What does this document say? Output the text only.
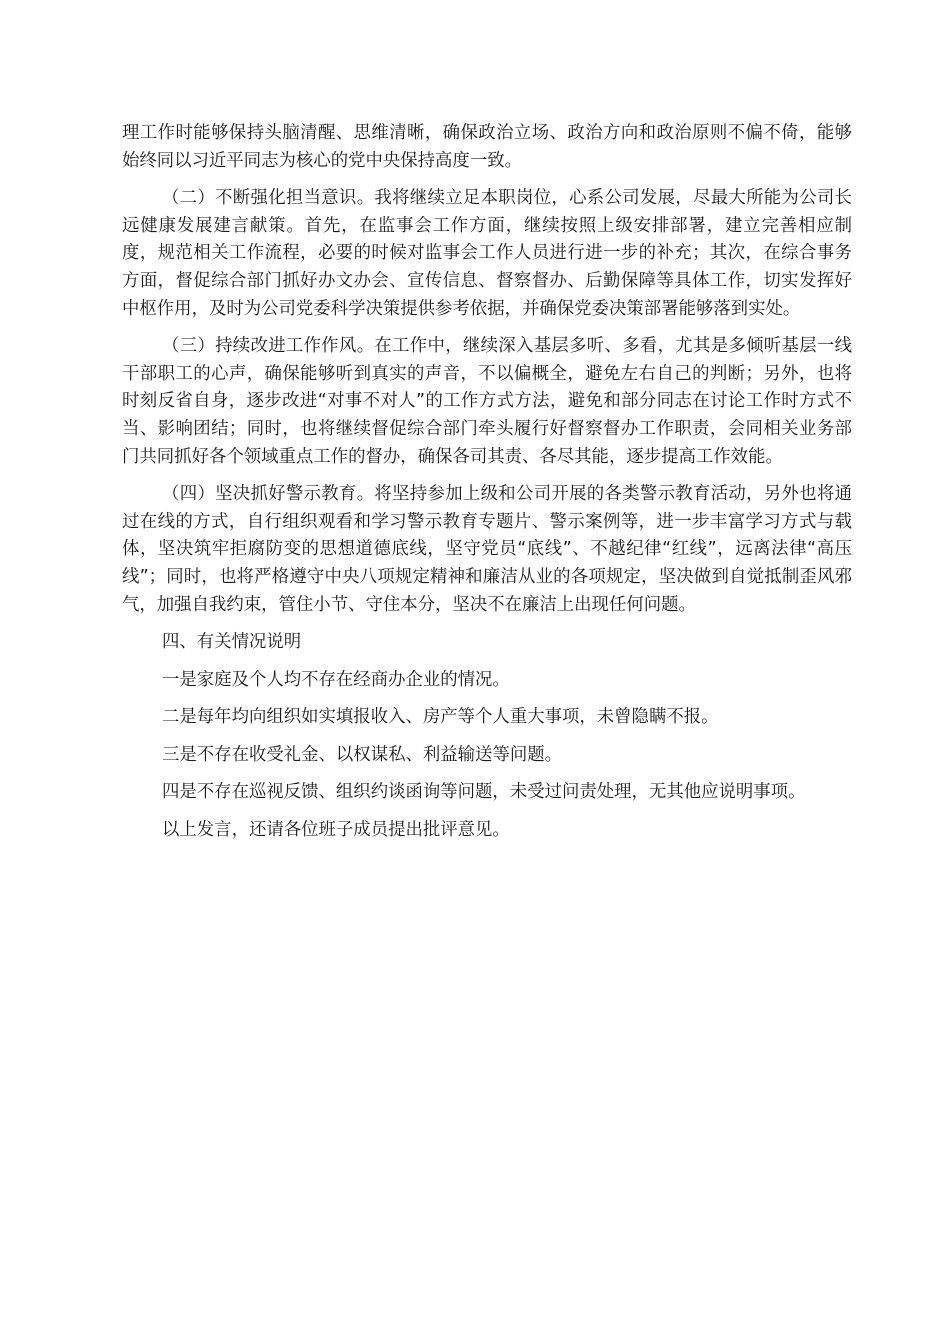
理工作时能够保持头脑清醒、思维清晰，确保政治立场、政治方向和政治原则不偏不倚，能够始终同以习近平同志为核心的党中央保持高度一致。

（二）不断强化担当意识。我将继续立足本职岗位，心系公司发展，尽最大所能为公司长远健康发展建言献策。首先，在监事会工作方面，继续按照上级安排部署，建立完善相应制度，规范相关工作流程，必要的时候对监事会工作人员进行进一步的补充；其次，在综合事务方面，督促综合部门抓好办文办会、宣传信息、督察督办、后勤保障等具体工作，切实发挥好中枢作用，及时为公司党委科学决策提供参考依据，并确保党委决策部署能够落到实处。

（三）持续改进工作作风。在工作中，继续深入基层多听、多看，尤其是多倾听基层一线干部职工的心声，确保能够听到真实的声音，不以偏概全，避免左右自己的判断；另外，也将时刻反省自身，逐步改进“对事不对人”的工作方式方法，避免和部分同志在讨论工作时方式不当、影响团结；同时，也将继续督促综合部门牵头履行好督察督办工作职责，会同相关业务部门共同抓好各个领域重点工作的督办，确保各司其责、各尽其能，逐步提高工作效能。

（四）坚决抓好警示教育。将坚持参加上级和公司开展的各类警示教育活动，另外也将通过在线的方式，自行组织观看和学习警示教育专题片、警示案例等，进一步丰富学习方式与载体，坚决筑牢拒腐防变的思想道德底线，坚守党员“底线”、不越纪律“红线”，远离法律“高压线”；同时，也将严格遵守中央八项规定精神和廉洁从业的各项规定，坚决做到自觉抵制歪风邪气，加强自我约束，管住小节、守住本分，坚决不在廉洁上出现任何问题。

四、有关情况说明

一是家庭及个人均不存在经商办企业的情况。

二是每年均向组织如实填报收入、房产等个人重大事项，未曾隐瞒不报。

三是不存在收受礼金、以权谋私、利益输送等问题。

四是不存在巡视反馈、组织约谈函询等问题，未受过问责处理，无其他应说明事项。

以上发言，还请各位班子成员提出批评意见。
